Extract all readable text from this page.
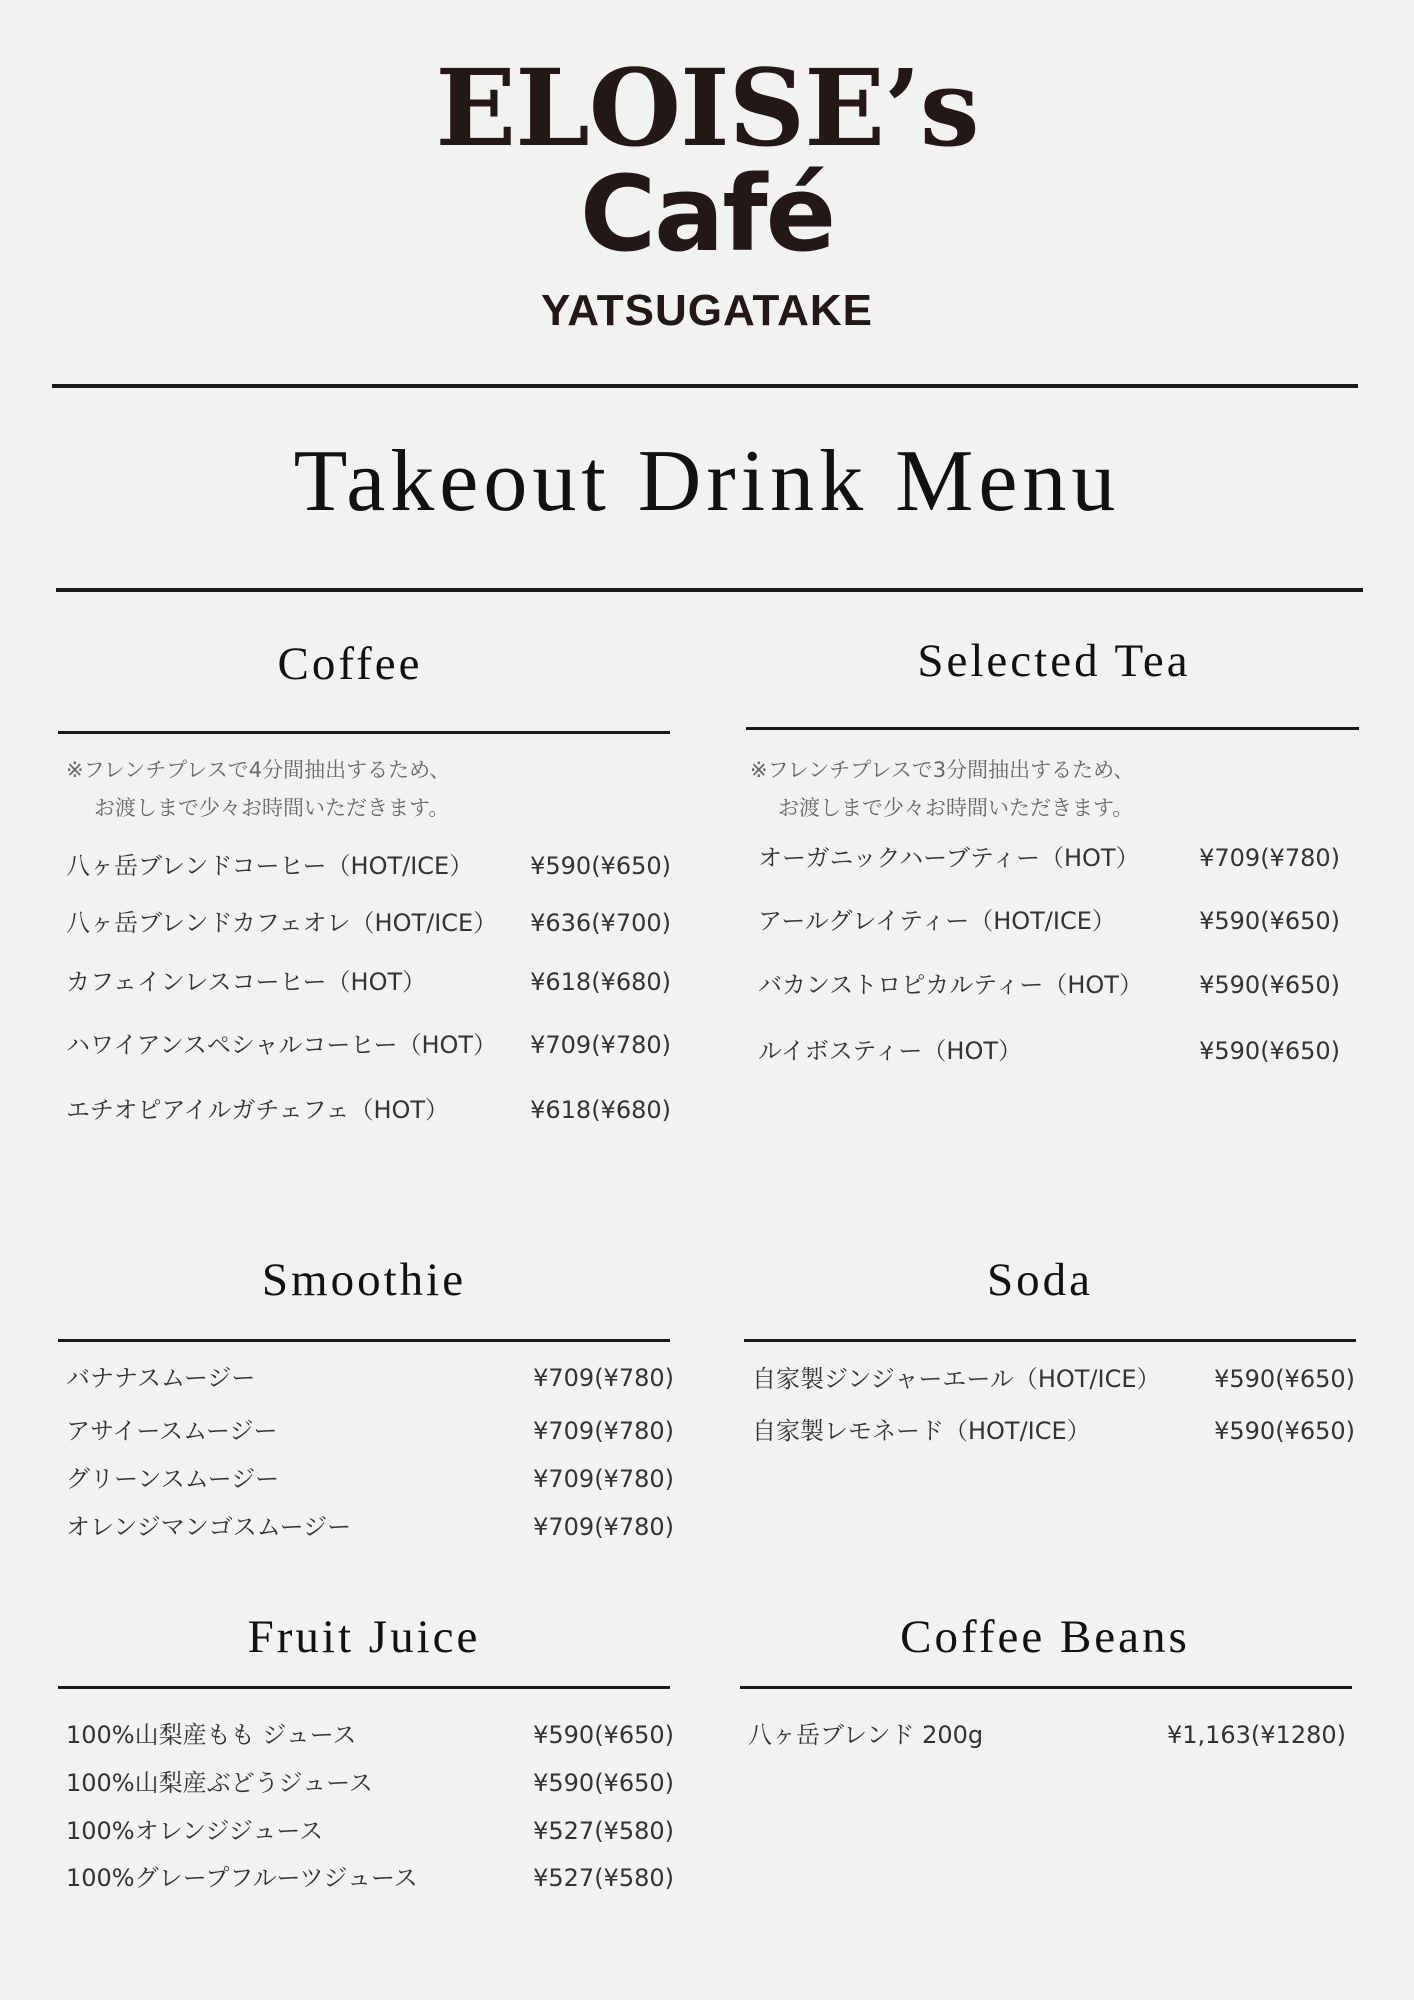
ELOISE’s
Café
YATSUGATAKE
Takeout Drink Menu
Coffee
※フレンチプレスで4分間抽出するため、
お渡しまで少々お時間いただきます。
八ヶ岳ブレンドコーヒー（HOT/ICE） ¥590(¥650)
八ヶ岳ブレンドカフェオレ（HOT/ICE） ¥636(¥700)
カフェインレスコーヒー（HOT）	¥618(¥680)
ハワイアンスペシャルコーヒー（HOT） ¥709(¥780)
エチオピアイルガチェフェ（HOT）	¥618(¥680)
Selected Tea
※フレンチプレスで3分間抽出するため、
お渡しまで少々お時間いただきます。
オーガニックハーブティー（HOT） ¥709(¥780)
アールグレイティー（HOT/ICE）	¥590(¥650)
バカンストロピカルティー（HOT） ¥590(¥650)
ルイボスティー（HOT）	¥590(¥650)
Smoothie
バナナスムージー	¥709(¥780)
アサイースムージー	¥709(¥780)
グリーンスムージー	¥709(¥780)
オレンジマンゴスムージー	¥709(¥780)
Soda
自家製ジンジャーエール（HOT/ICE） ¥590(¥650)
自家製レモネード（HOT/ICE）	¥590(¥650)
Fruit Juice
100%山梨産もも ジュース	¥590(¥650)
100%山梨産ぶどうジュース	¥590(¥650)
100%オレンジジュース	¥527(¥580)
100%グレープフルーツジュース	¥527(¥580)
Coffee Beans
八ヶ岳ブレンド 200g	¥1,163(¥1280)
